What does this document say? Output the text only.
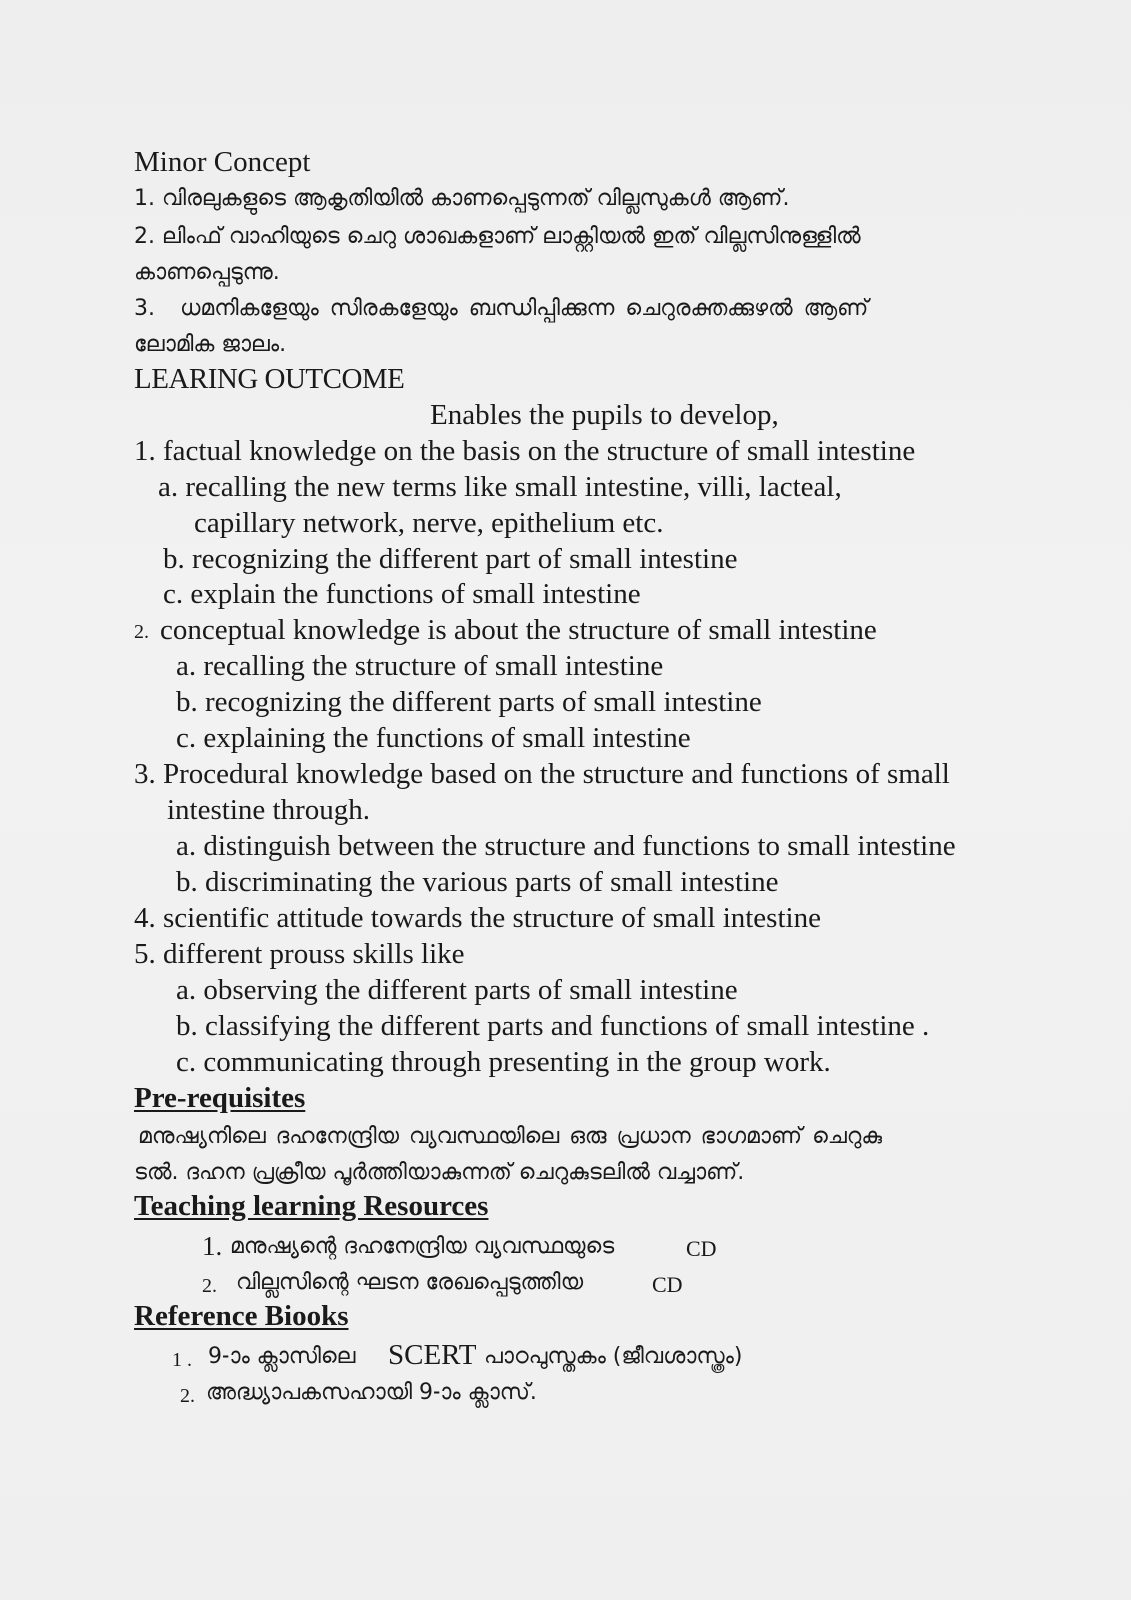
Minor Concept
1. വിരലുകളുടെ ആകൃതിയിൽ കാണപ്പെടുന്നത് വില്ലസുകൾ ആണ്.
2. ലിംഫ് വാഹിയുടെ ചെറു ശാഖകളാണ് ലാക്റ്റിയൽ ഇത് വില്ലസിനുള്ളിൽ
കാണപ്പെടുന്നു.
3. ധമനികളേയും സിരകളേയും ബന്ധിപ്പിക്കുന്ന ചെറുരക്തക്കുഴൽ ആണ്
ലോമിക ജാലം.
LEARING OUTCOME
Enables the pupils to develop,
1. factual knowledge on the basis on the structure of small intestine
a. recalling the new terms like small intestine, villi, lacteal,
capillary network, nerve, epithelium etc.
b. recognizing the different part of small intestine
c. explain the functions of small intestine
2. conceptual knowledge is about the structure of small intestine
a. recalling the structure of small intestine
b. recognizing the different parts of small intestine
c. explaining the functions of small intestine
3. Procedural knowledge based on the structure and functions of small
intestine through.
a. distinguish between the structure and functions to small intestine
b. discriminating the various parts of small intestine
4. scientific attitude towards the structure of small intestine
5. different prouss skills like
a. observing the different parts of small intestine
b. classifying the different parts and functions of small intestine .
c. communicating through presenting in the group work.
Pre-requisites
മനുഷ്യനിലെ ദഹനേന്ദ്രിയ വ്യവസ്ഥയിലെ ഒരു പ്രധാന ഭാഗമാണ് ചെറുകു
ടൽ. ദഹന പ്രക്രീയ പൂർത്തിയാകുന്നത് ചെറുകുടലിൽ വച്ചാണ്.
Teaching learning Resources
1. മനുഷ്യന്റെ ദഹനേന്ദ്രിയ വ്യവസ്ഥയുടെ	CD
2. വില്ലസിന്റെ ഘടന രേഖപ്പെടുത്തിയ	CD
Reference Biooks
1 . 9-ാം ക്ലാസിലെ SCERT പാഠപുസ്തകം (ജീവശാസ്ത്രം)
2. അദ്ധ്യാപകസഹായി 9-ാം ക്ലാസ്.
